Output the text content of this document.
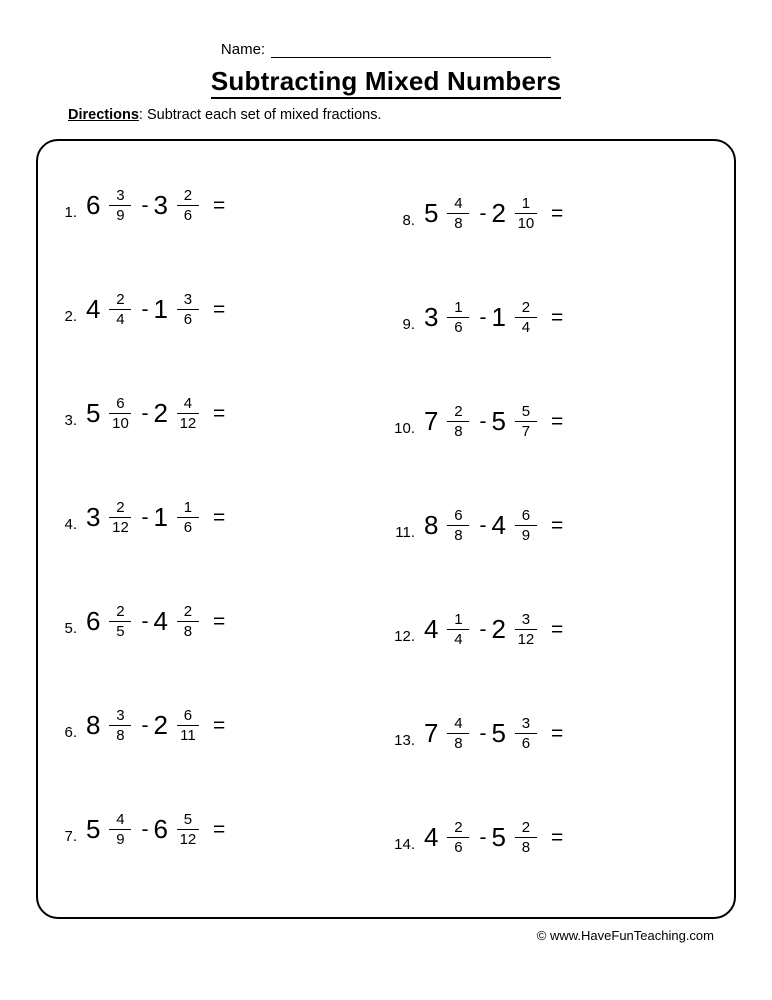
Name:
Subtracting Mixed Numbers
Directions: Subtract each set of mixed fractions.
1. $6 \frac{3}{9} - 3 \frac{2}{6}$ =
2. $4 \frac{2}{4} - 1 \frac{3}{6}$ =
3. $5 \frac{6}{10} - 2 \frac{4}{12}$ =
4. $3 \frac{2}{12} - 1 \frac{1}{6}$ =
5. $6 \frac{2}{5} - 4 \frac{2}{8}$ =
6. $8 \frac{3}{8} - 2 \frac{6}{11}$ =
7. $5 \frac{4}{9} - 6 \frac{5}{12}$ =
8. $5 \frac{4}{8} - 2 \frac{1}{10}$ =
9. $3 \frac{1}{6} - 1 \frac{2}{4}$ =
10. $7 \frac{2}{8} - 5 \frac{5}{7}$ =
11. $8 \frac{6}{8} - 4 \frac{6}{9}$ =
12. $4 \frac{1}{4} - 2 \frac{3}{12}$ =
13. $7 \frac{4}{8} - 5 \frac{3}{6}$ =
14. $4 \frac{2}{6} - 5 \frac{2}{8}$ =
© www.HaveFunTeaching.com
